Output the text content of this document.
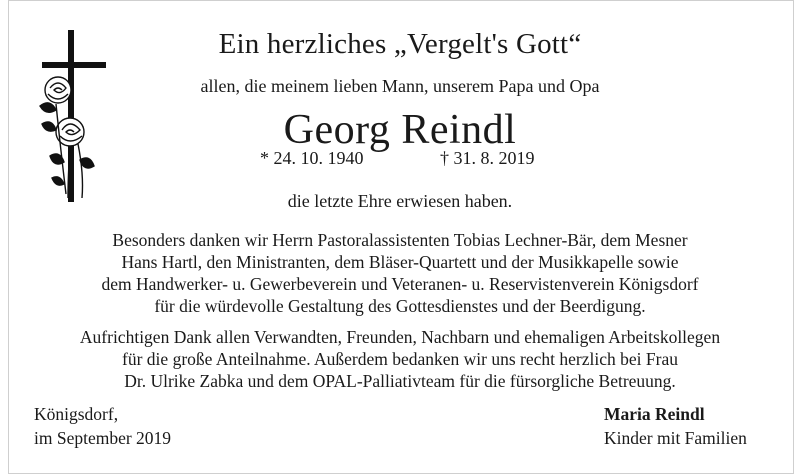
Ein herzliches „Vergelt's Gott“
allen, die meinem lieben Mann, unserem Papa und Opa
Georg Reindl
* 24. 10. 1940	† 31. 8. 2019
die letzte Ehre erwiesen haben.
Besonders danken wir Herrn Pastoralassistenten Tobias Lechner-Bär, dem Mesner
Hans Hartl, den Ministranten, dem Bläser-Quartett und der Musikkapelle sowie
dem Handwerker- u. Gewerbeverein und Veteranen- u. Reservistenverein Königsdorf
für die würdevolle Gestaltung des Gottesdienstes und der Beerdigung.
Aufrichtigen Dank allen Verwandten, Freunden, Nachbarn und ehemaligen Arbeitskollegen
für die große Anteilnahme. Außerdem bedanken wir uns recht herzlich bei Frau
Dr. Ulrike Zabka und dem OPAL-Palliativteam für die fürsorgliche Betreuung.
Königsdorf,
im September 2019
Maria Reindl
Kinder mit Familien
